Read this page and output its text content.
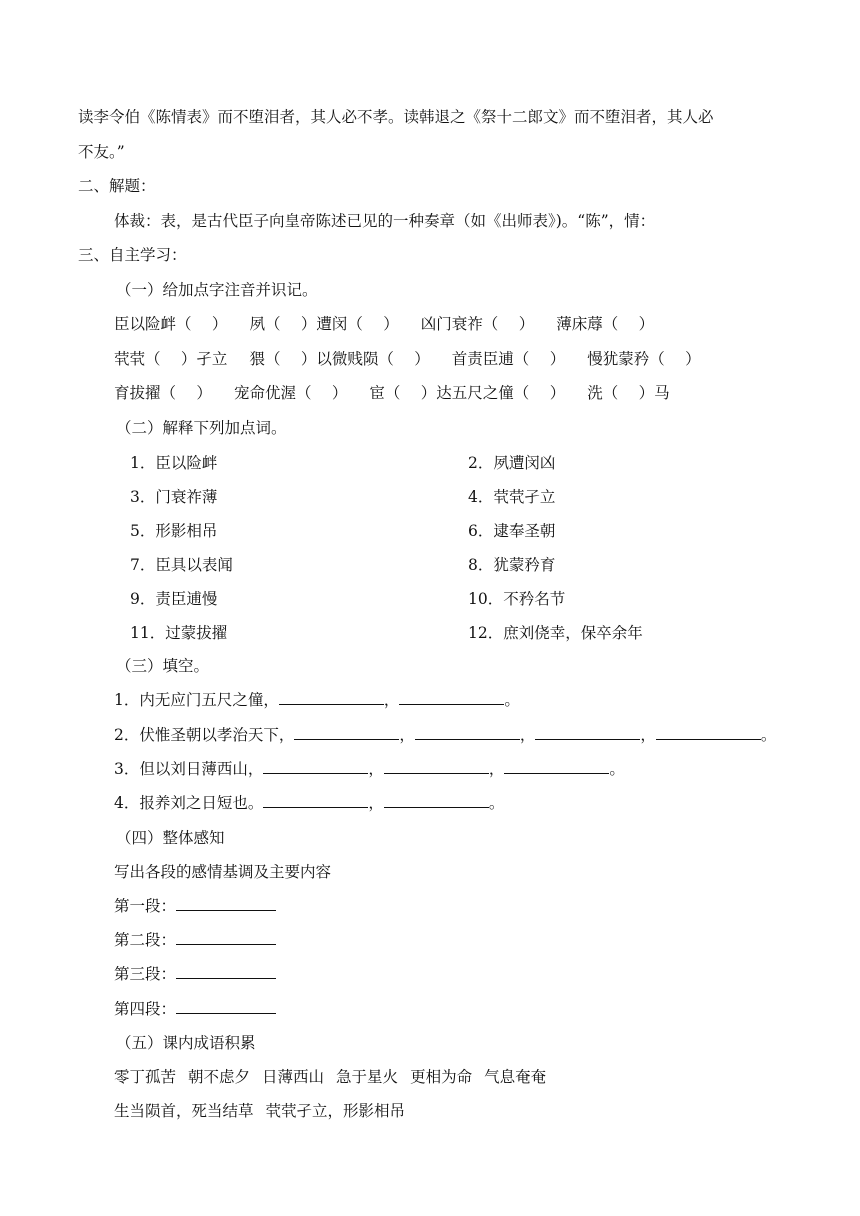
读李令伯《陈情表》而不堕泪者，其人必不孝。读韩退之《祭十二郎文》而不堕泪者，其人必
不友。”
二、解题：
体裁：表，是古代臣子向皇帝陈述已见的一种奏章（如《出师表》)。“陈”，情：
三、自主学习：
（一）给加点字注音并识记。
臣以险衅（　 ） 夙（　 ）遭闵（　 ） 凶门衰祚（　 ） 薄床蓐（　 ）
茕茕（　 ）孑立 猥（　 ）以微贱陨（　 ） 首责臣逋（　 ） 慢犹蒙矜（　 ）
育拔擢（　 ） 宠命优渥（　 ） 宦（　 ）达五尺之僮（　 ） 洗（　 ）马
（二）解释下列加点词。
1．臣以险衅	2．夙遭闵凶
3．门衰祚薄	4．茕茕孑立
5．形影相吊	6．逮奉圣朝
7．臣具以表闻	8．犹蒙矜育
9．责臣逋慢	10．不矜名节
11．过蒙拔擢	12．庶刘侥幸，保卒余年
（三）填空。
1．内无应门五尺之僮，	，	。
2．伏惟圣朝以孝治天下，	，	，	，	。
3．但以刘日薄西山，	，	，	。
4．报养刘之日短也。	，	。
（四）整体感知
写出各段的感情基调及主要内容
第一段：
第二段：
第三段：
第四段：
（五）课内成语积累
零丁孤苦 朝不虑夕 日薄西山 急于星火 更相为命 气息奄奄
生当陨首，死当结草 茕茕孑立，形影相吊
